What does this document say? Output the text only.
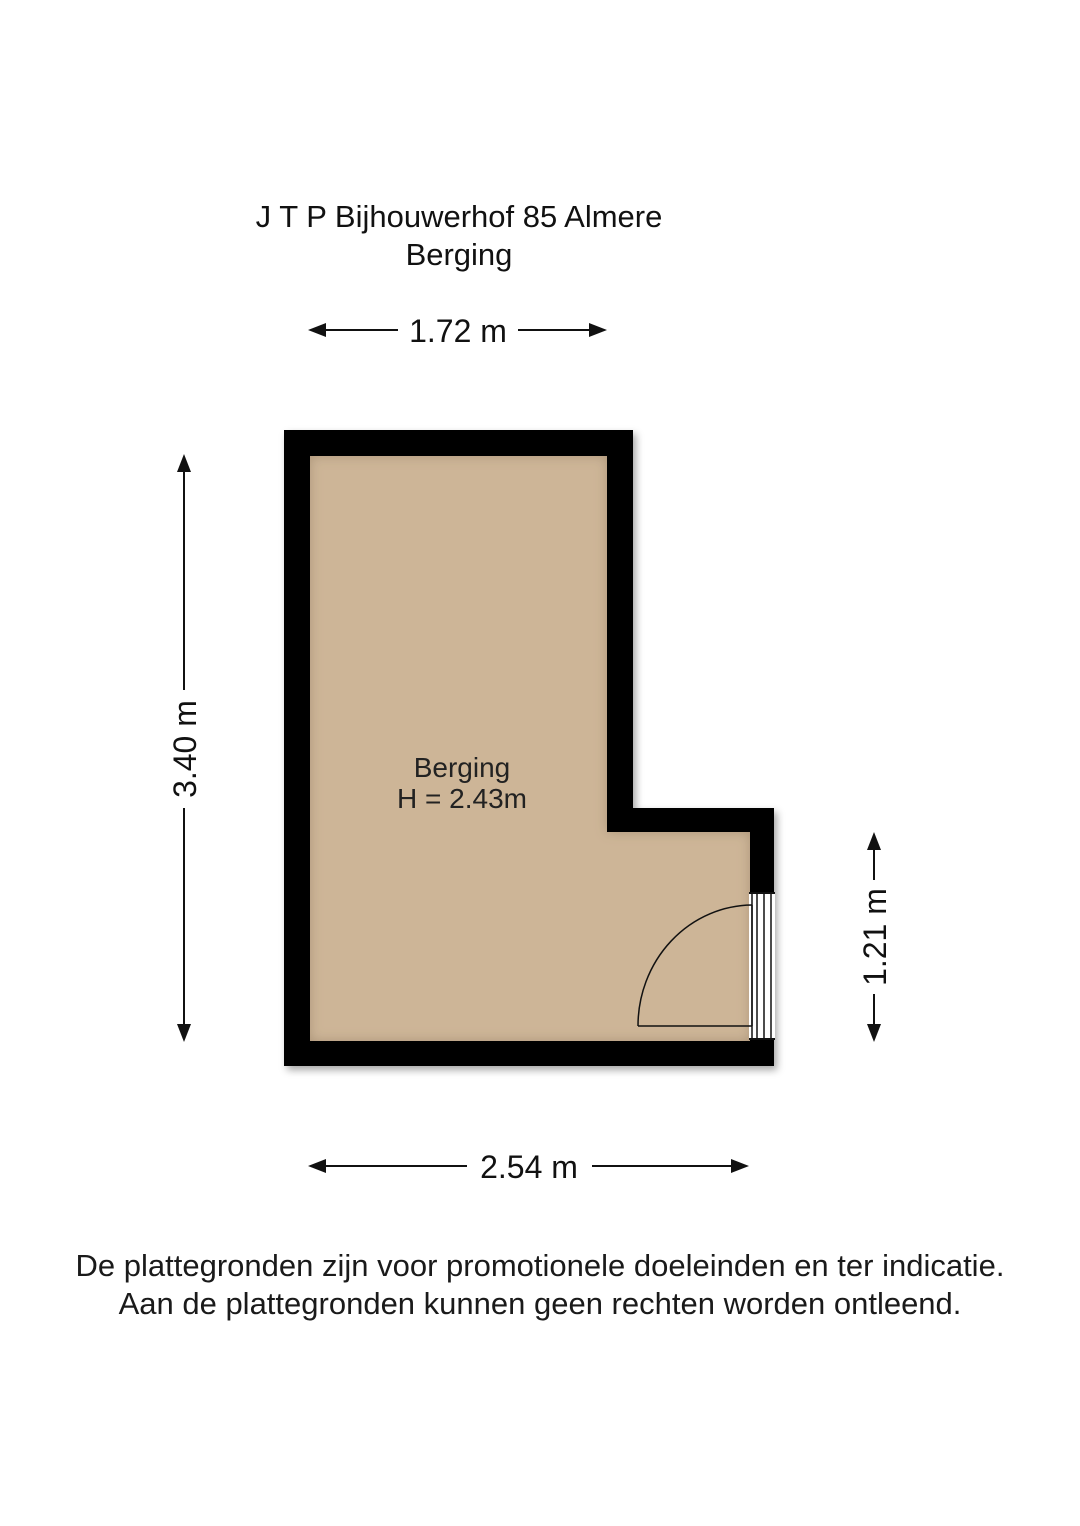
J T P Bijhouwerhof 85 Almere
Berging
1.72 m
3.40 m	Berging
H = 2.43m
1.21 m
2.54 m
De plattegronden zijn voor promotionele doeleinden en ter indicatie.
Aan de plattegronden kunnen geen rechten worden ontleend.
